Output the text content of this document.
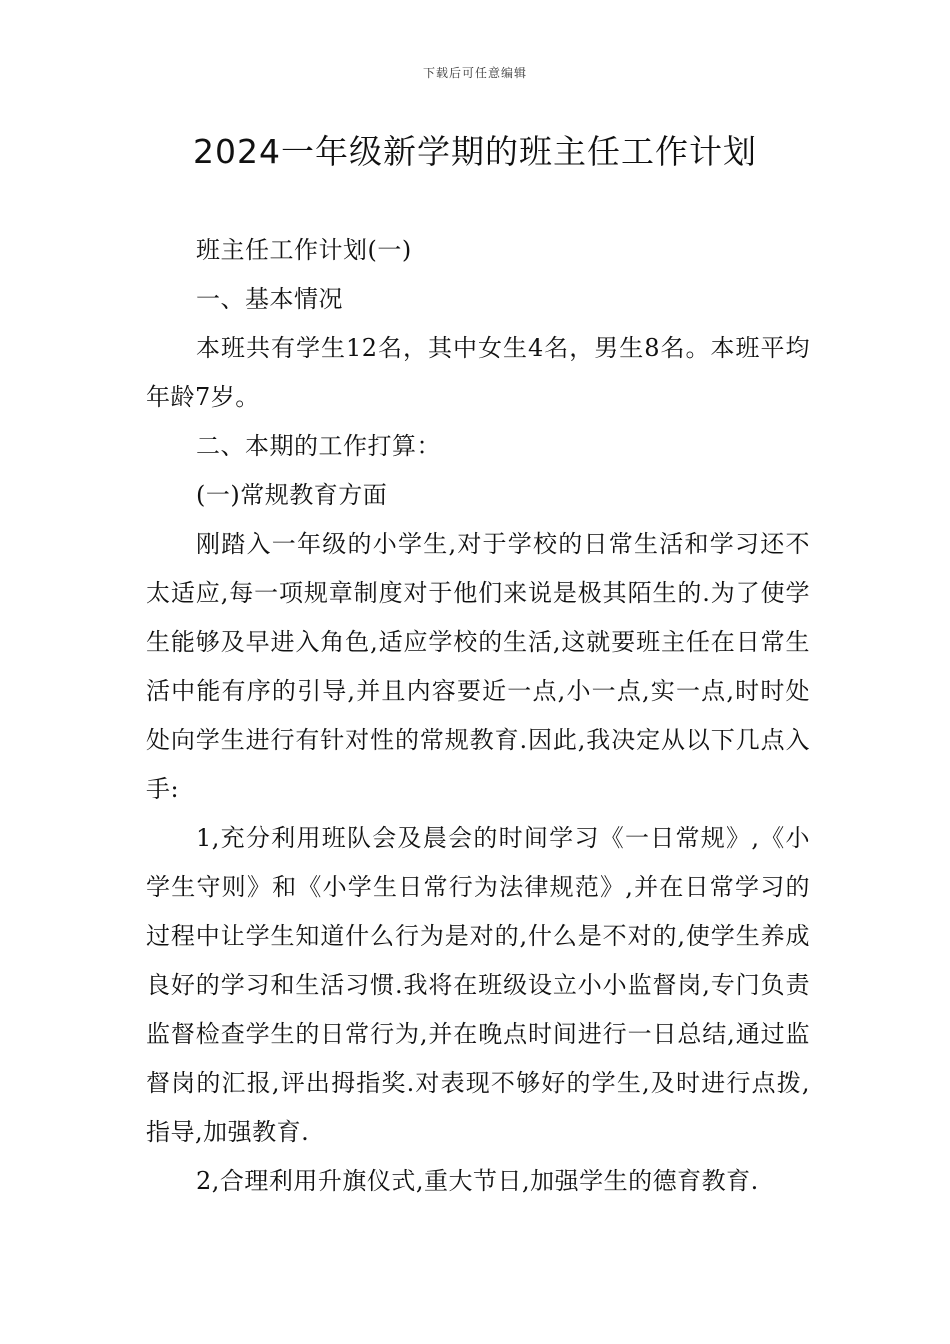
下载后可任意编辑
2024一年级新学期的班主任工作计划

班主任工作计划(一)

一、基本情况

本班共有学生12名，其中女生4名，男生8名。本班平均年龄7岁。

二、本期的工作打算：

(一)常规教育方面

刚踏入一年级的小学生,对于学校的日常生活和学习还不太适应,每一项规章制度对于他们来说是极其陌生的.为了使学生能够及早进入角色,适应学校的生活,这就要班主任在日常生活中能有序的引导,并且内容要近一点,小一点,实一点,时时处处向学生进行有针对性的常规教育.因此,我决定从以下几点入手:

1,充分利用班队会及晨会的时间学习《一日常规》,《小学生守则》和《小学生日常行为法律规范》,并在日常学习的过程中让学生知道什么行为是对的,什么是不对的,使学生养成良好的学习和生活习惯.我将在班级设立小小监督岗,专门负责监督检查学生的日常行为,并在晚点时间进行一日总结,通过监督岗的汇报,评出拇指奖.对表现不够好的学生,及时进行点拨,指导,加强教育.

2,合理利用升旗仪式,重大节日,加强学生的德育教育.
